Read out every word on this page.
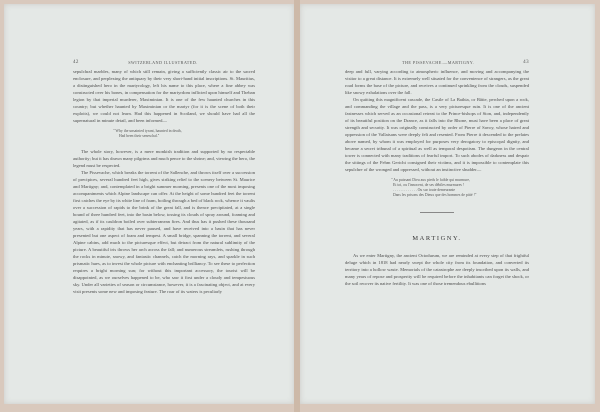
42	SWITZERLAND ILLUSTRATED.

sepulchral marbles, many of which still remain, giving a sufficiently classic air to the sacred enclosure, and perplexing the antiquary by their very short-hand initial inscriptions. St. Mauritius, a distinguished hero in the martyrology, left his name to this place, where a fine abbey was constructed over his bones, in compensation for the martyrdom inflicted upon himself and Theban legion by that imperial murderer, Maximinian. It is one of the few haunted churches in this country; but whether haunted by Maximinian or the martyr (for it is the scene of both their exploits), we could not learn. Had this happened in Scotland, we should have had all the supernatural in minute detail, and been informed—

" Why the unsainted tyrant, haunted in death,
Had been their seneschal."

The whole story, however, is a mere monkish tradition and supported by no respectable authority; but it has drawn many pilgrims and much pence to the shrine; and, viewing the hero, the legend must be respected.

The Pissevache, which breaks the torrent of the Sallenche, and throws itself over a succession of precipices, several hundred feet high, gives striking relief to the scenery between St. Maurice and Martigny; and, contemplated in a bright summer morning, presents one of the most imposing accompaniments which Alpine landscape can offer. At the height of some hundred feet the torrent first catches the eye by its white line of foam, boiling through a bed of black rock, whence it vaults over a succession of rapids to the brink of the great fall, and is thence precipitated, at a single bound of three hundred feet, into the basin below, tossing its clouds of spray around, foaming and agitated, as if its cauldron boiled over subterranean fires. And thus has it pushed these thousand years, with a rapidity that has never paused, and have received into a basin that has never presented but one aspect of foam and tempest. A small bridge, spanning the torrent, and several Alpine cabins, add much to the picturesque effect, but detract from the natural sublimity of the picture. A beautiful iris throws her arch across the fall; and numerous streamlets, rushing through the rocks in minute, snowy, and fantastic channels, catch the morning rays, and sparkle in such prismatic hues, as to invest the whole picture with enchanting brilliancy. To see these to perfection requires a bright morning sun; for without this important accessory, the tourist will be disappointed, as we ourselves happened to be, who saw it first under a cloudy and tempestuous sky. Under all varieties of season or circumstance, however, it is a fascinating object, and at every visit presents some new and imposing feature. The roar of its waters is peculiarly

THE PISSEVACHE.—MARTIGNY.	43

deep and full, varying according to atmospheric influence, and moving and accompanying the visitor to a great distance. It is extremely well situated for the convenience of strangers, as the great road forms the base of the picture, and receives a continued sprinkling from the clouds, suspended like snowy exhalations over the fall.

On quitting this magnificent cascade, the Castle of La Bathia, or Bâtie, perched upon a rock, and commanding the village and the pass, is a very picturesque ruin. It is one of the ancient fastnesses which served as an occasional retreat to the Prince-bishops of Sion, and, independently of its beautiful position on the Drance, as it falls into the Rhone, must have been a place of great strength and security. It was originally constructed by order of Pierre of Savoy, whose hatred and oppression of the Vallaisans were deeply felt and resented. From Pierre it descended to the prelates above named, by whom it was employed for purposes very derogatory to episcopal dignity, and became a secret tribunal of a spiritual as well as temporal despotism. The dungeon in the central tower is connected with many traditions of fearful import. To such abodes of darkness and despair the sittings of the Fehm Gericht consigned their victims, and it is impossible to contemplate this sepulchre of the wronged and oppressed, without an instinctive shudder—

" Au puissant Dieu aux pieds le faible qui murmure,
Et toi, ou l'innocent, de ses débiles murmures !
. . . . . . . . . . . . . Ou sur toute demeurante
Dans les prisons des Dieux que des hommes de pitié !"
MARTIGNY.

As we enter Martigny, the ancient Octodurum, we are reminded at every step of that frightful deluge which in 1818 had nearly swept the whole city from its foundation, and converted its territory into a hollow waste. Memorials of the catastrophe are deeply inscribed upon its walls, and many years of repose and prosperity will be required before the inhabitants can forget the shock, or the soil recover its native fertility. It was one of those tremendous ebullitions
